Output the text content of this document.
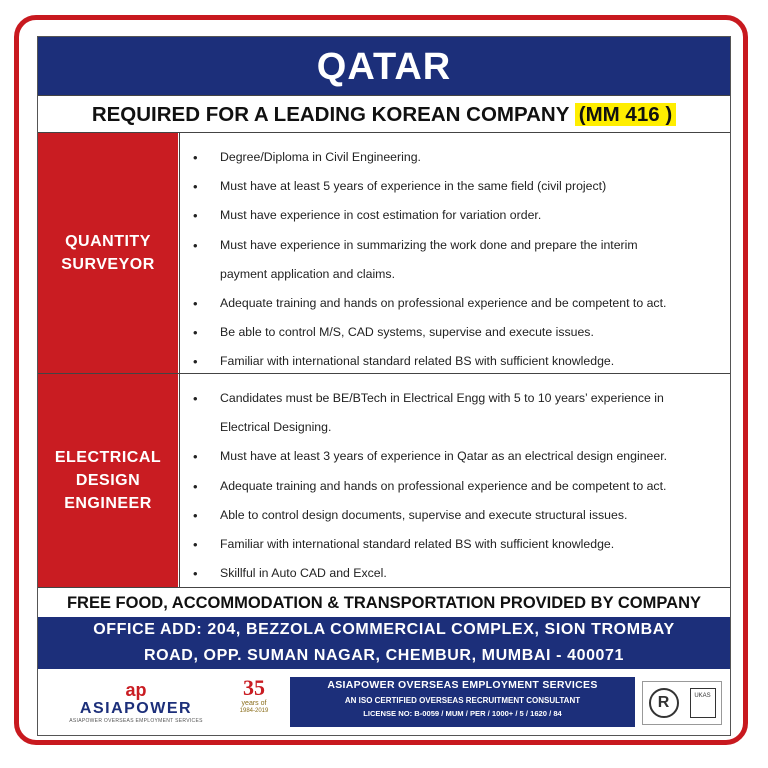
QATAR
REQUIRED FOR A LEADING KOREAN COMPANY (MM 416 )
QUANTITY
SURVEYOR
• Degree/Diploma in Civil Engineering.
• Must have at least 5 years of experience in the same field (civil project)
• Must have experience in cost estimation for variation order.
• Must have experience in summarizing the work done and prepare the interim
payment application and claims.
• Adequate training and hands on professional experience and be competent to act.
• Be able to control M/S, CAD systems, supervise and execute issues.
• Familiar with international standard related BS with sufficient knowledge.
ELECTRICAL
DESIGN
ENGINEER
• Candidates must be BE/BTech in Electrical Engg with 5 to 10 years’ experience in
Electrical Designing.
• Must have at least 3 years of experience in Qatar as an electrical design engineer.
• Adequate training and hands on professional experience and be competent to act.
• Able to control design documents, supervise and execute structural issues.
• Familiar with international standard related BS with sufficient knowledge.
• Skillful in Auto CAD and Excel.
FREE FOOD, ACCOMMODATION & TRANSPORTATION PROVIDED BY COMPANY
OFFICE ADD: 204, BEZZOLA COMMERCIAL COMPLEX, SION TROMBAY
ROAD, OPP. SUMAN NAGAR, CHEMBUR, MUMBAI - 400071
ap
ASIAPOWER
ASIAPOWER OVERSEAS EMPLOYMENT SERVICES
35
years of
1984-2019
ASIAPOWER OVERSEAS EMPLOYMENT SERVICES
AN ISO CERTIFIED OVERSEAS RECRUITMENT CONSULTANT
LICENSE NO: B-0059 / MUM / PER / 1000+ / 5 / 1620 / 84
R	UKAS
